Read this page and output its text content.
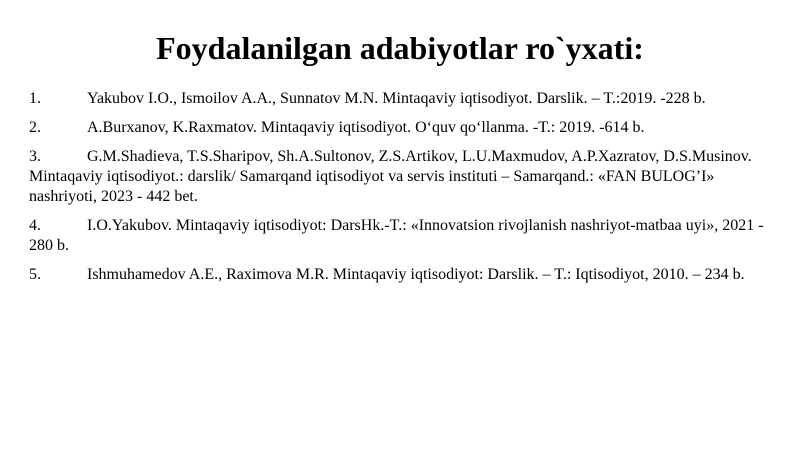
Foydalanilgan adabiyotlar ro`yxati:
1.	Yakubov I.O., Ismoilov A.A., Sunnatov M.N. Mintaqaviy iqtisodiyot. Darslik. – T.:2019. -228 b.
2.	A.Burxanov, K.Raxmatov. Mintaqaviy iqtisodiyot. O‘quv qo‘llanma. -T.: 2019. -614 b.
3.	G.M.Shadieva, T.S.Sharipov, Sh.A.Sultonov, Z.S.Artikov, L.U.Maxmudov, A.P.Xazratov, D.S.Musinov. Mintaqaviy iqtisodiyot.: darslik/ Samarqand iqtisodiyot va servis instituti – Samarqand.: «FAN BULOG’I» nashriyoti, 2023 - 442 bet.
4.	I.O.Yakubov. Mintaqaviy iqtisodiyot: DarsHk.-T.: «Innovatsion rivojlanish nashriyot-matbaa uyi», 2021 - 280 b.
5.	Ishmuhamedov A.E., Raximova M.R. Mintaqaviy iqtisodiyot: Darslik. – T.: Iqtisodiyot, 2010. – 234 b.
